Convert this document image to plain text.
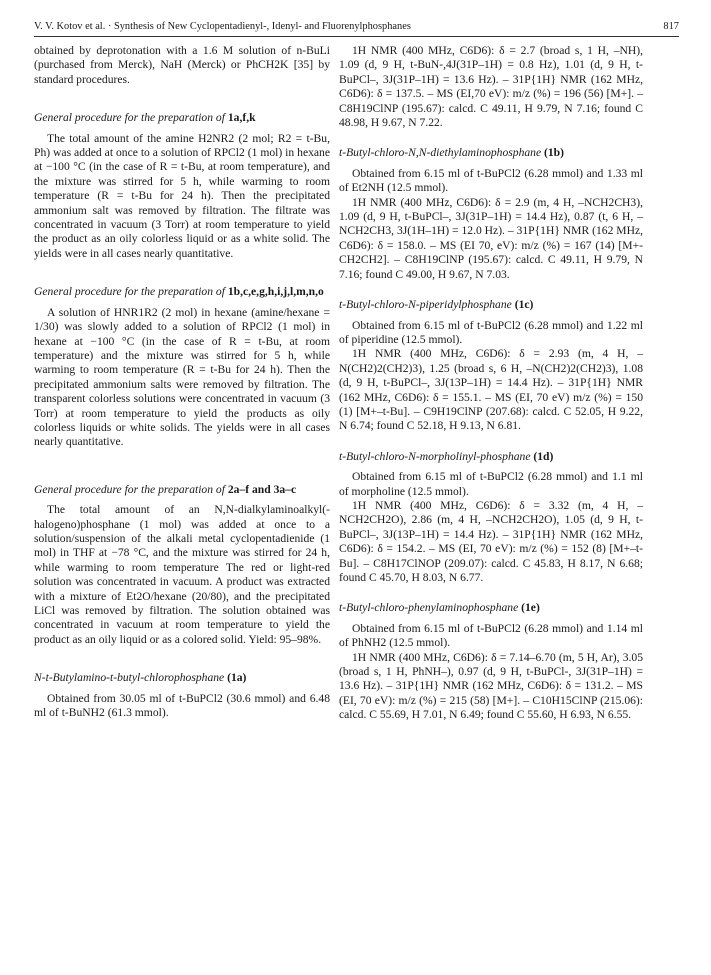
V. V. Kotov et al. · Synthesis of New Cyclopentadienyl-, Idenyl- and Fluorenylphosphanes	817

obtained by deprotonation with a 1.6 M solution of n-BuLi (purchased from Merck), NaH (Merck) or PhCH2K [35] by standard procedures.

General procedure for the preparation of 1a,f,k

The total amount of the amine H2NR2 (2 mol; R2 = t-Bu, Ph) was added at once to a solution of RPCl2 (1 mol) in hexane at −100 °C (in the case of R = t-Bu, at room temperature), and the mixture was stirred for 5 h, while warming to room temperature (R = t-Bu for 24 h). Then the precipitated ammonium salt was removed by filtration. The filtrate was concentrated in vacuum (3 Torr) at room temperature to yield the product as an oily colorless liquid or as a white solid. The yields were in all cases nearly quantitative.

General procedure for the preparation of 1b,c,e,g,h,i,j,l,m,n,o

A solution of HNR1R2 (2 mol) in hexane (amine/hexane = 1/30) was slowly added to a solution of RPCl2 (1 mol) in hexane at −100 °C (in the case of R = t-Bu, at room temperature) and the mixture was stirred for 5 h, while warming to room temperature (R = t-Bu for 24 h). Then the precipitated ammonium salts were removed by filtration. The transparent colorless solutions were concentrated in vacuum (3 Torr) at room temperature to yield the products as oily colorless liquids or white solids. The yields were in all cases nearly quantitative.

General procedure for the preparation of 2a–f and 3a–c

The total amount of an N,N-dialkylaminoalkyl(-halogeno)phosphane (1 mol) was added at once to a solution/suspension of the alkali metal cyclopentadienide (1 mol) in THF at −78 °C, and the mixture was stirred for 24 h, while warming to room temperature The red or light-red solution was concentrated in vacuum. A product was extracted with a mixture of Et2O/hexane (20/80), and the precipitated LiCl was removed by filtration. The solution obtained was concentrated in vacuum at room temperature to yield the product as an oily liquid or as a colored solid. Yield: 95–98%.

N-t-Butylamino-t-butyl-chlorophosphane (1a)

Obtained from 30.05 ml of t-BuPCl2 (30.6 mmol) and 6.48 ml of t-BuNH2 (61.3 mmol).

1H NMR (400 MHz, C6D6): δ = 2.7 (broad s, 1 H, –NH), 1.09 (d, 9 H, t-BuN-,4J(31P–1H) = 0.8 Hz), 1.01 (d, 9 H, t-BuPCl–, 3J(31P–1H) = 13.6 Hz). – 31P{1H} NMR (162 MHz, C6D6): δ = 137.5. – MS (EI,70 eV): m/z (%) = 196 (56) [M+]. – C8H19ClNP (195.67): calcd. C 49.11, H 9.79, N 7.16; found C 48.98, H 9.67, N 7.22.

t-Butyl-chloro-N,N-diethylaminophosphane (1b)

Obtained from 6.15 ml of t-BuPCl2 (6.28 mmol) and 1.33 ml of Et2NH (12.5 mmol).

1H NMR (400 MHz, C6D6): δ = 2.9 (m, 4 H, –NCH2CH3), 1.09 (d, 9 H, t-BuPCl–, 3J(31P–1H) = 14.4 Hz), 0.87 (t, 6 H, –NCH2CH3, 3J(1H–1H) = 12.0 Hz). – 31P{1H} NMR (162 MHz, C6D6): δ = 158.0. – MS (EI 70, eV): m/z (%) = 167 (14) [M+-CH2CH2]. – C8H19ClNP (195.67): calcd. C 49.11, H 9.79, N 7.16; found C 49.00, H 9.67, N 7.03.

t-Butyl-chloro-N-piperidylphosphane (1c)

Obtained from 6.15 ml of t-BuPCl2 (6.28 mmol) and 1.22 ml of piperidine (12.5 mmol).

1H NMR (400 MHz, C6D6): δ = 2.93 (m, 4 H, –N(CH2)2(CH2)3), 1.25 (broad s, 6 H, –N(CH2)2(CH2)3), 1.08 (d, 9 H, t-BuPCl–, 3J(13P–1H) = 14.4 Hz). – 31P{1H} NMR (162 MHz, C6D6): δ = 155.1. – MS (EI, 70 eV) m/z (%) = 150 (1) [M+–t-Bu]. – C9H19ClNP (207.68): calcd. C 52.05, H 9.22, N 6.74; found C 52.18, H 9.13, N 6.81.

t-Butyl-chloro-N-morpholinyl-phosphane (1d)

Obtained from 6.15 ml of t-BuPCl2 (6.28 mmol) and 1.1 ml of morpholine (12.5 mmol).

1H NMR (400 MHz, C6D6): δ = 3.32 (m, 4 H, –NCH2CH2O), 2.86 (m, 4 H, –NCH2CH2O), 1.05 (d, 9 H, t-BuPCl–, 3J(13P–1H) = 14.4 Hz). – 31P{1H} NMR (162 MHz, C6D6): δ = 154.2. – MS (EI, 70 eV): m/z (%) = 152 (8) [M+–t-Bu]. – C8H17ClNOP (209.07): calcd. C 45.83, H 8.17, N 6.68; found C 45.70, H 8.03, N 6.77.

t-Butyl-chloro-phenylaminophosphane (1e)

Obtained from 6.15 ml of t-BuPCl2 (6.28 mmol) and 1.14 ml of PhNH2 (12.5 mmol).

1H NMR (400 MHz, C6D6): δ = 7.14–6.70 (m, 5 H, Ar), 3.05 (broad s, 1 H, PhNH–), 0.97 (d, 9 H, t-BuPCl-, 3J(31P–1H) = 13.6 Hz). – 31P{1H} NMR (162 MHz, C6D6): δ = 131.2. – MS (EI, 70 eV): m/z (%) = 215 (58) [M+]. – C10H15ClNP (215.06): calcd. C 55.69, H 7.01, N 6.49; found C 55.60, H 6.93, N 6.55.
